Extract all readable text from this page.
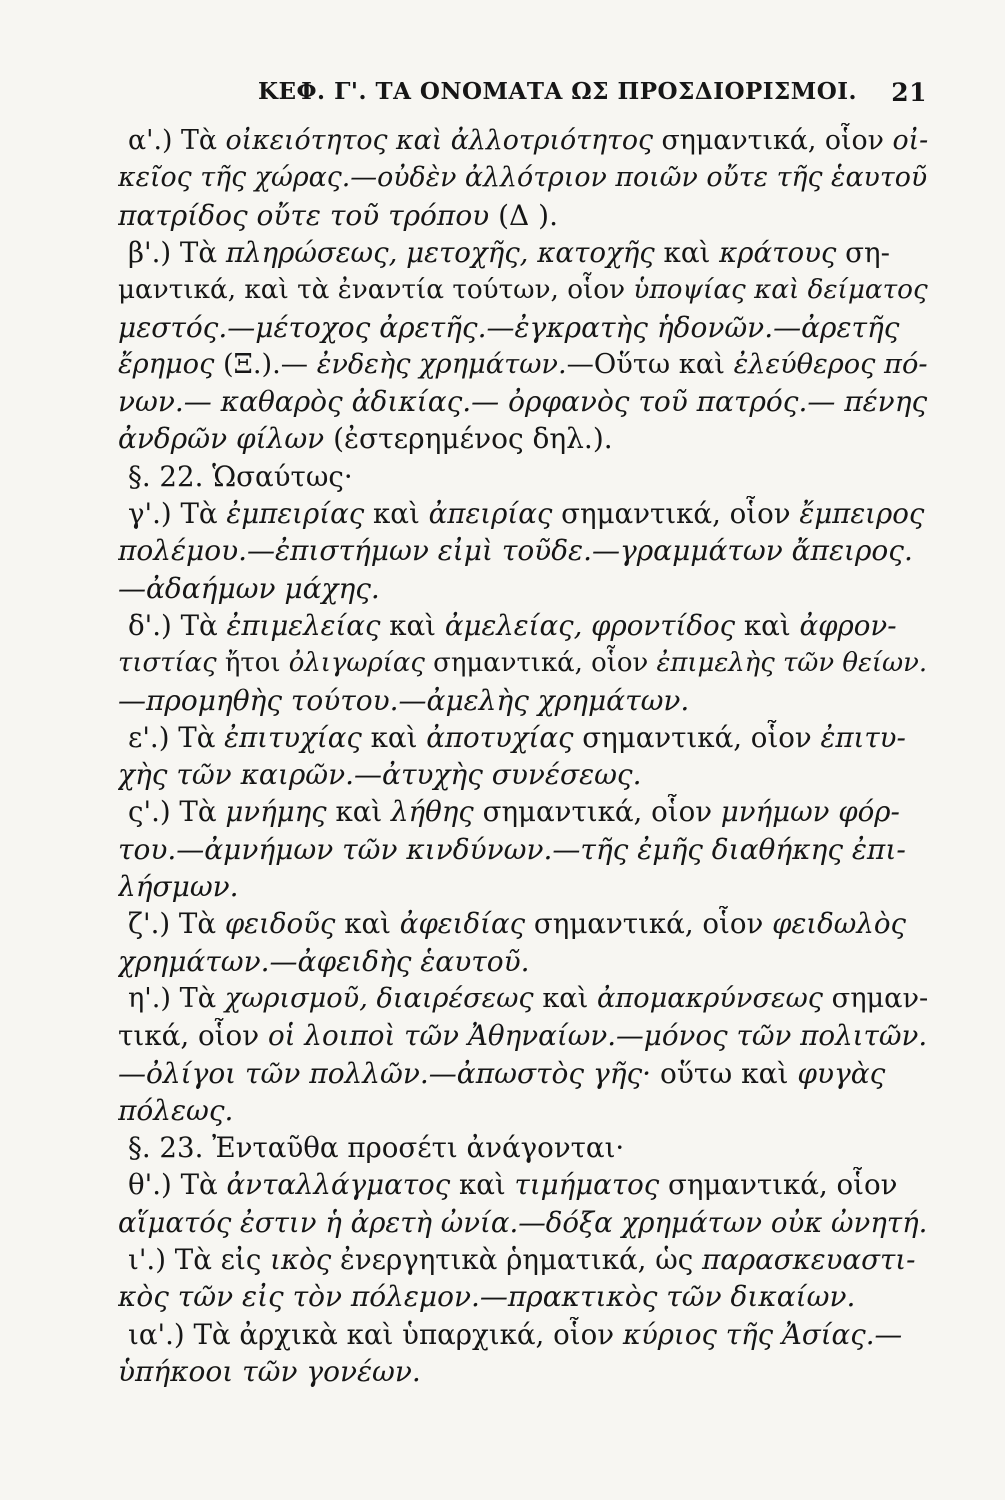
ΚΕΦ. Γ'. ΤΑ ΟΝΟΜΑΤΑ ΩΣ ΠΡΟΣΔΙΟΡΙΣΜΟΙ. 21
α'.) Τὰ οἰκειότητος καὶ ἀλλοτριότητος σημαντικά, οἷον οἰ-
κεῖος τῆς χώρας.—οὐδὲν ἀλλότριον ποιῶν οὔτε τῆς ἑαυτοῦ
πατρίδος οὔτε τοῦ τρόπου (Δ ).
β'.) Τὰ πληρώσεως, μετοχῆς, κατοχῆς καὶ κράτους ση-
μαντικά, καὶ τὰ ἐναντία τούτων, οἷον ὑποψίας καὶ δείματος
μεστός.—μέτοχος ἀρετῆς.—ἐγκρατὴς ἡδονῶν.—ἀρετῆς
ἔρημος (Ξ.).— ἐνδεὴς χρημάτων.—Οὕτω καὶ ἐλεύθερος πό-
νων.— καθαρὸς ἀδικίας.— ὀρφανὸς τοῦ πατρός.— πένης
ἀνδρῶν φίλων (ἐστερημένος δηλ.).
§. 22. Ὡσαύτως·
γ'.) Τὰ ἐμπειρίας καὶ ἀπειρίας σημαντικά, οἷον ἔμπειρος
πολέμου.—ἐπιστήμων εἰμὶ τοῦδε.—γραμμάτων ἄπειρος.
—ἀδαήμων μάχης.
δ'.) Τὰ ἐπιμελείας καὶ ἀμελείας, φροντίδος καὶ ἀφρον-
τιστίας ἤτοι ὀλιγωρίας σημαντικά, οἷον ἐπιμελὴς τῶν θείων.
—προμηθὴς τούτου.—ἀμελὴς χρημάτων.
ε'.) Τὰ ἐπιτυχίας καὶ ἀποτυχίας σημαντικά, οἷον ἐπιτυ-
χὴς τῶν καιρῶν.—ἀτυχὴς συνέσεως.
ς'.) Τὰ μνήμης καὶ λήθης σημαντικά, οἷον μνήμων φόρ-
του.—ἀμνήμων τῶν κινδύνων.—τῆς ἐμῆς διαθήκης ἐπι-
λήσμων.
ζ'.) Τὰ φειδοῦς καὶ ἀφειδίας σημαντικά, οἷον φειδωλὸς
χρημάτων.—ἀφειδὴς ἑαυτοῦ.
η'.) Τὰ χωρισμοῦ, διαιρέσεως καὶ ἀπομακρύνσεως σημαν-
τικά, οἷον οἱ λοιποὶ τῶν Ἀθηναίων.—μόνος τῶν πολιτῶν.
—ὀλίγοι τῶν πολλῶν.—ἀπωστὸς γῆς· οὕτω καὶ φυγὰς
πόλεως.
§. 23. Ἐνταῦθα προσέτι ἀνάγονται·
θ'.) Τὰ ἀνταλλάγματος καὶ τιμήματος σημαντικά, οἷον
αἵματός ἐστιν ἡ ἀρετὴ ὠνία.—δόξα χρημάτων οὐκ ὠνητή.
ι'.) Τὰ εἰς ικὸς ἐνεργητικὰ ῥηματικά, ὡς παρασκευαστι-
κὸς τῶν εἰς τὸν πόλεμον.—πρακτικὸς τῶν δικαίων.
ια'.) Τὰ ἀρχικὰ καὶ ὑπαρχικά, οἷον κύριος τῆς Ἀσίας.—
ὑπήκοοι τῶν γονέων.
